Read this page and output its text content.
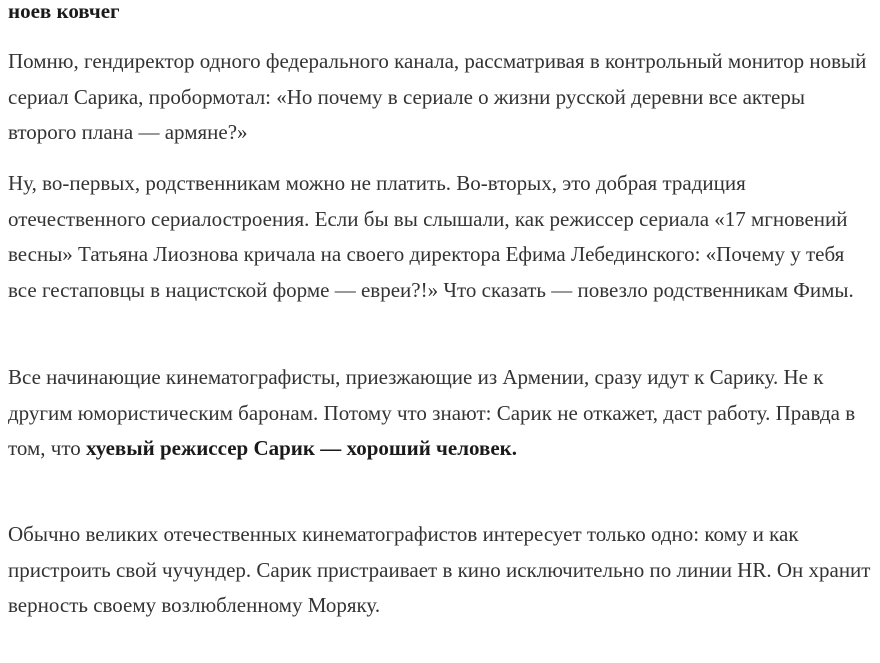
ноев ковчег

Помню, гендиректор одного федерального канала, рассматривая в контрольный монитор новый сериал Сарика, пробормотал: «Но почему в сериале о жизни русской деревни все актеры второго плана — армяне?»

Ну, во-первых, родственникам можно не платить. Во-вторых, это добрая традиция отечественного сериалостроения. Если бы вы слышали, как режиссер сериала «17 мгновений весны» Татьяна Лиознова кричала на своего директора Ефима Лебединского: «Почему у тебя все гестаповцы в нацистской форме — евреи?!» Что сказать — повезло родственникам Фимы.

Все начинающие кинематографисты, приезжающие из Армении, сразу идут к Сарику. Не к другим юмористическим баронам. Потому что знают: Сарик не откажет, даст работу. Правда в том, что хуевый режиссер Сарик — хороший человек.

Обычно великих отечественных кинематографистов интересует только одно: кому и как пристроить свой чучундер. Сарик пристраивает в кино исключительно по линии HR. Он хранит верность своему возлюбленному Моряку.
